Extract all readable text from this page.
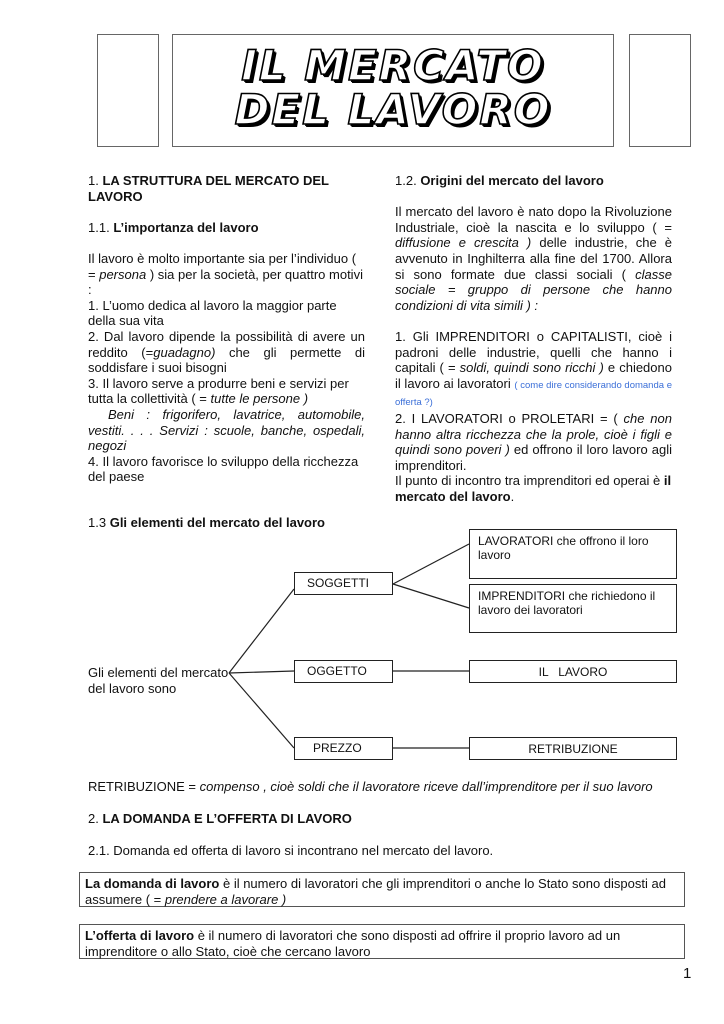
IL MERCATO
DEL LAVORO

1. LA STRUTTURA DEL MERCATO DEL LAVORO

1.1. L’importanza del lavoro

Il lavoro è molto importante sia per l’individuo ( = persona ) sia per la società, per quattro motivi :

1. L’uomo dedica al lavoro la maggior parte della sua vita

2. Dal lavoro dipende la possibilità di avere un reddito (=guadagno) che gli permette di soddisfare i suoi bisogni

3. Il lavoro serve a produrre beni e servizi per tutta la collettività ( = tutte le persone )

Beni : frigorifero, lavatrice, automobile, vestiti. . . . Servizi : scuole, banche, ospedali, negozi

4. Il lavoro favorisce lo sviluppo della ricchezza del paese

1.2. Origini del mercato del lavoro

Il mercato del lavoro è nato dopo la Rivoluzione Industriale, cioè la nascita e lo sviluppo ( = diffusione e crescita ) delle industrie, che è avvenuto in Inghilterra alla fine del 1700. Allora si sono formate due classi sociali ( classe sociale = gruppo di persone che hanno condizioni di vita simili ) :

1. Gli IMPRENDITORI o CAPITALISTI, cioè i padroni delle industrie, quelli che hanno i capitali ( = soldi, quindi sono ricchi ) e chiedono il lavoro ai lavoratori ( come dire considerando domanda e offerta ?)

2. I LAVORATORI o PROLETARI = ( che non hanno altra ricchezza che la prole, cioè i figli e quindi sono poveri ) ed offrono il loro lavoro agli imprenditori.

Il punto di incontro tra imprenditori ed operai è il mercato del lavoro.

1.3 Gli elementi del mercato del lavoro
Gli elementi del mercato del lavoro sono
SOGGETTI
OGGETTO
PREZZO
LAVORATORI che offrono il loro lavoro
IMPRENDITORI che richiedono il lavoro dei lavoratori
IL   LAVORO
RETRIBUZIONE
RETRIBUZIONE = compenso , cioè soldi che il lavoratore riceve dall’imprenditore per il suo lavoro
2. LA DOMANDA E L’OFFERTA DI LAVORO
2.1. Domanda ed offerta di lavoro si incontrano nel mercato del lavoro.
La domanda di lavoro è il numero di lavoratori che gli imprenditori o anche lo Stato sono disposti ad assumere ( = prendere a lavorare )
L’offerta di lavoro è il numero di lavoratori che sono disposti ad offrire il proprio lavoro ad un imprenditore o allo Stato, cioè che cercano lavoro
1
